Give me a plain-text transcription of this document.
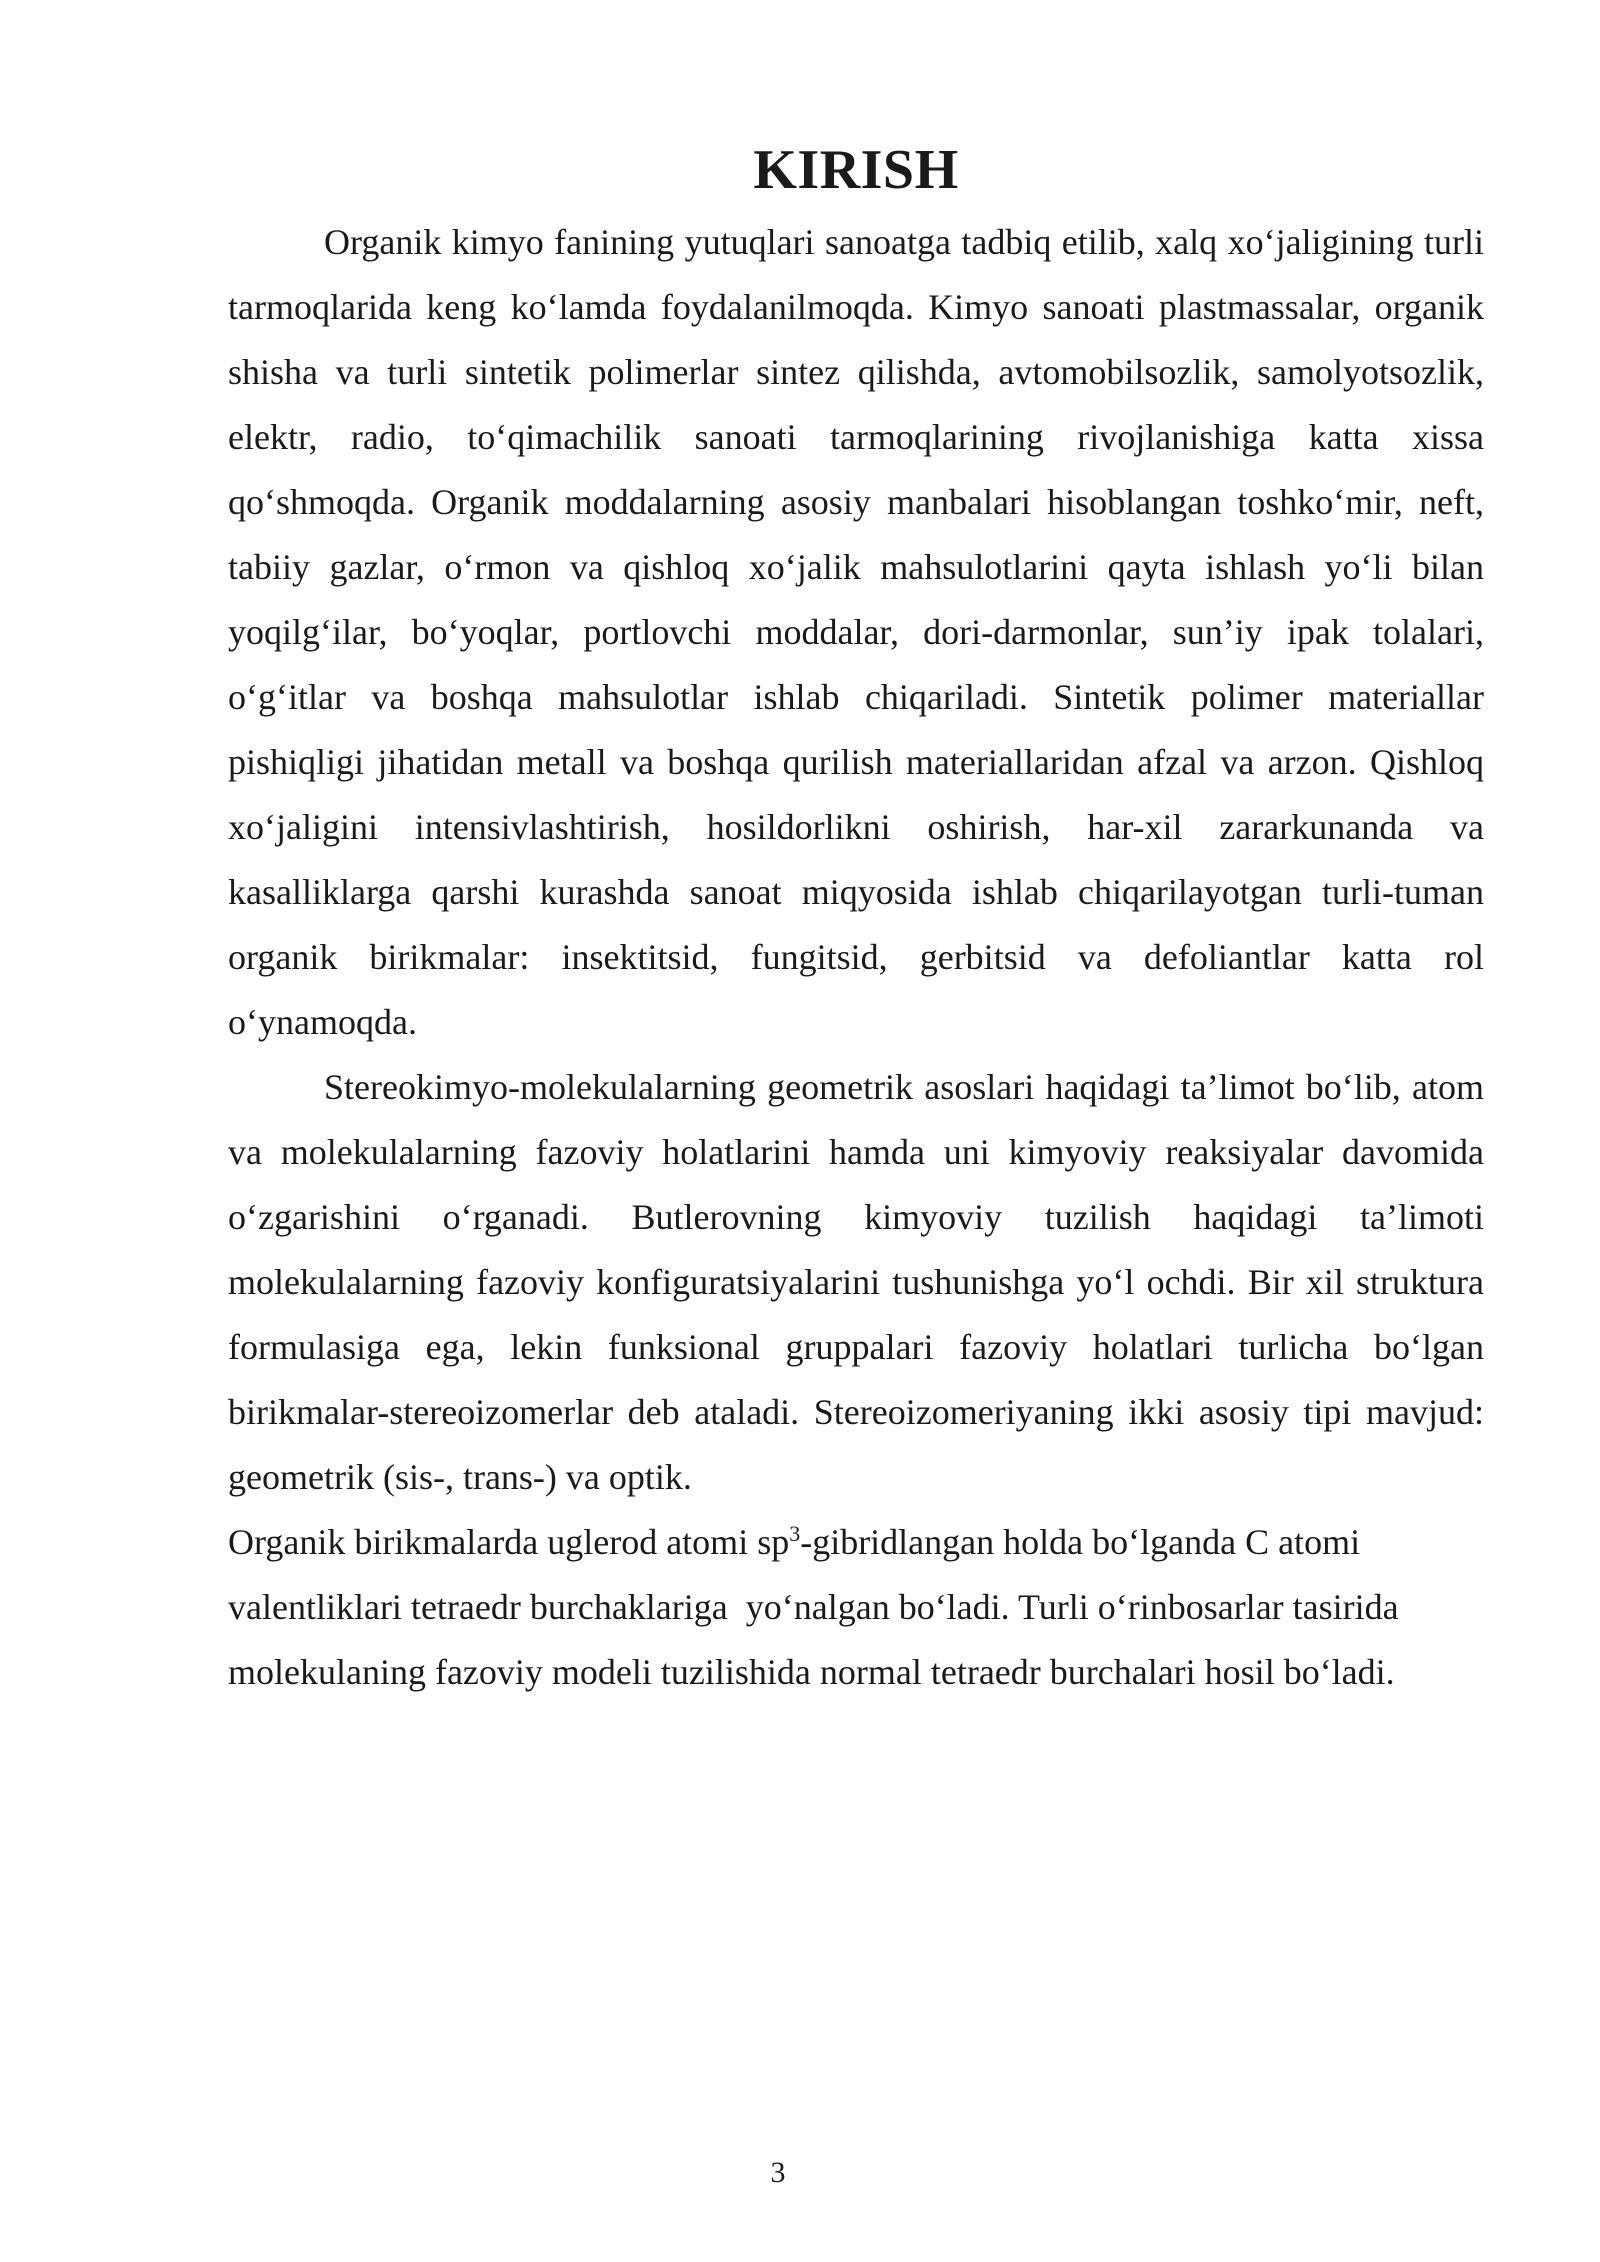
KIRISH

Organik kimyo fanining yutuqlari sanoatga tadbiq etilib, xalq xo‘jaligining turli tarmoqlarida keng ko‘lamda foydalanilmoqda. Kimyo sanoati plastmassalar, organik shisha va turli sintetik polimerlar sintez qilishda, avtomobilsozlik, samolyotsozlik, elektr, radio, to‘qimachilik sanoati tarmoqlarining rivojlanishiga katta xissa qo‘shmoqda. Organik moddalarning asosiy manbalari hisoblangan toshko‘mir, neft, tabiiy gazlar, o‘rmon va qishloq xo‘jalik mahsulotlarini qayta ishlash yo‘li bilan yoqilg‘ilar, bo‘yoqlar, portlovchi moddalar, dori-darmonlar, sun’iy ipak tolalari, o‘g‘itlar va boshqa mahsulotlar ishlab chiqariladi. Sintetik polimer materiallar pishiqligi jihatidan metall va boshqa qurilish materiallaridan afzal va arzon. Qishloq xo‘jaligini intensivlashtirish, hosildorlikni oshirish, har-xil zararkunanda va kasalliklarga qarshi kurashda sanoat miqyosida ishlab chiqarilayotgan turli-tuman organik birikmalar: insektitsid, fungitsid, gerbitsid va defoliantlar katta rol o‘ynamoqda.

Stereokimyo-molekulalarning geometrik asoslari haqidagi ta’limot bo‘lib, atom va molekulalarning fazoviy holatlarini hamda uni kimyoviy reaksiyalar davomida o‘zgarishini o‘rganadi. Butlerovning kimyoviy tuzilish haqidagi ta’limoti molekulalarning fazoviy konfiguratsiyalarini tushunishga yo‘l ochdi. Bir xil struktura formulasiga ega, lekin funksional gruppalari fazoviy holatlari turlicha bo‘lgan birikmalar-stereoizomerlar deb ataladi. Stereoizomeriyaning ikki asosiy tipi mavjud: geometrik (sis-, trans-) va optik.

Organik birikmalarda uglerod atomi $sp^3$-gibridlangan holda bo‘lganda C atomi

valentliklari tetraedr burchaklariga  yo‘nalgan bo‘ladi. Turli o‘rinbosarlar tasirida

molekulaning fazoviy modeli tuzilishida normal tetraedr burchalari hosil bo‘ladi.

3
